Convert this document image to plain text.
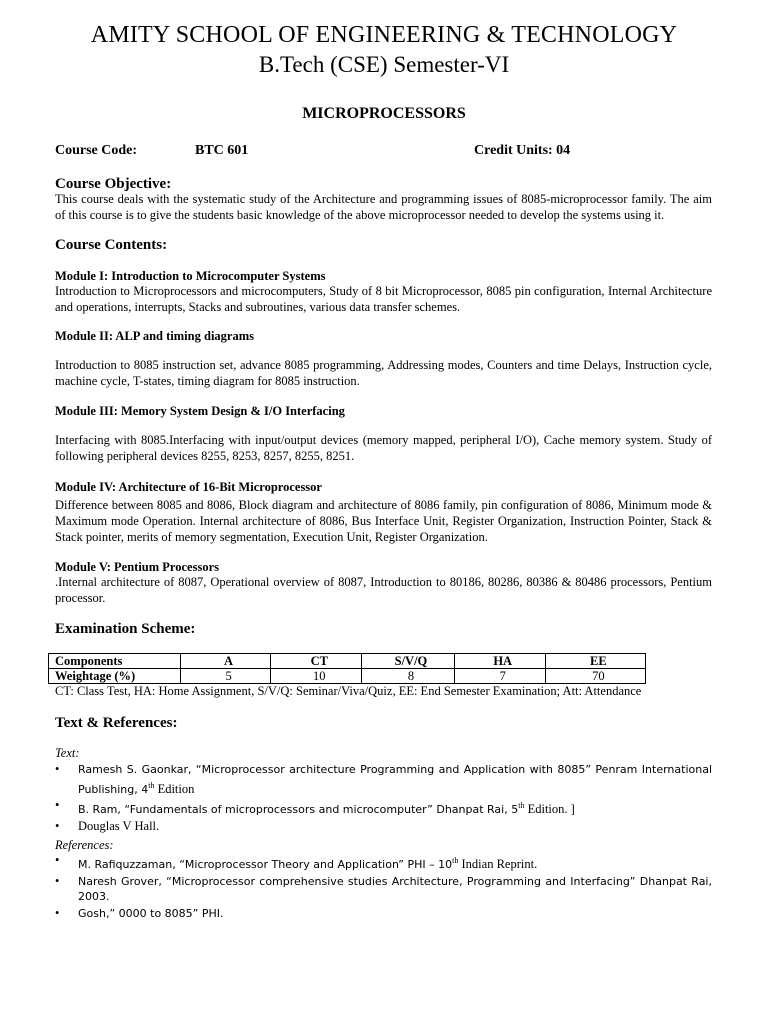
AMITY SCHOOL OF ENGINEERING & TECHNOLOGY
B.Tech (CSE) Semester-VI
MICROPROCESSORS
Course Code:	BTC 601	Credit Units: 04
Course Objective:
This course deals with the systematic study of the Architecture and programming issues of 8085-microprocessor family. The aim of this course is to give the students basic knowledge of the above microprocessor needed to develop the systems using it.
Course Contents:
Module I: Introduction to Microcomputer Systems
Introduction to Microprocessors and microcomputers, Study of 8 bit Microprocessor, 8085 pin configuration, Internal Architecture and operations, interrupts, Stacks and subroutines, various data transfer schemes.
Module II: ALP and timing diagrams
Introduction to 8085 instruction set, advance 8085 programming, Addressing modes, Counters and time Delays, Instruction cycle, machine cycle, T-states, timing diagram for 8085 instruction.
Module III: Memory System Design & I/O Interfacing
Interfacing with 8085.Interfacing with input/output devices (memory mapped, peripheral I/O), Cache memory system. Study of following peripheral devices 8255, 8253, 8257, 8255, 8251.
Module IV: Architecture of 16-Bit Microprocessor
Difference between 8085 and 8086, Block diagram and architecture of 8086 family, pin configuration of 8086, Minimum mode & Maximum mode Operation. Internal architecture of 8086, Bus Interface Unit, Register Organization, Instruction Pointer, Stack & Stack pointer, merits of memory segmentation, Execution Unit, Register Organization.
Module V: Pentium Processors
.Internal architecture of 8087, Operational overview of 8087, Introduction to 80186, 80286, 80386 & 80486 processors, Pentium processor.
Examination Scheme:
Components	A	CT	S/V/Q	HA	EE
Weightage (%)	5	10	8	7	70
CT: Class Test, HA: Home Assignment, S/V/Q: Seminar/Viva/Quiz, EE: End Semester Examination; Att: Attendance
Text & References:
Text:
• Ramesh S. Gaonkar, “Microprocessor architecture Programming and Application with 8085” Penram International Publishing, 4th Edition
• B. Ram, “Fundamentals of microprocessors and microcomputer” Dhanpat Rai, 5th Edition. ]
• Douglas V Hall.
References:
• M. Rafiquzzaman, “Microprocessor Theory and Application” PHI – 10th Indian Reprint.
• Naresh Grover, “Microprocessor comprehensive studies Architecture, Programming and Interfacing” Dhanpat Rai, 2003.
• Gosh,” 0000 to 8085” PHI.
